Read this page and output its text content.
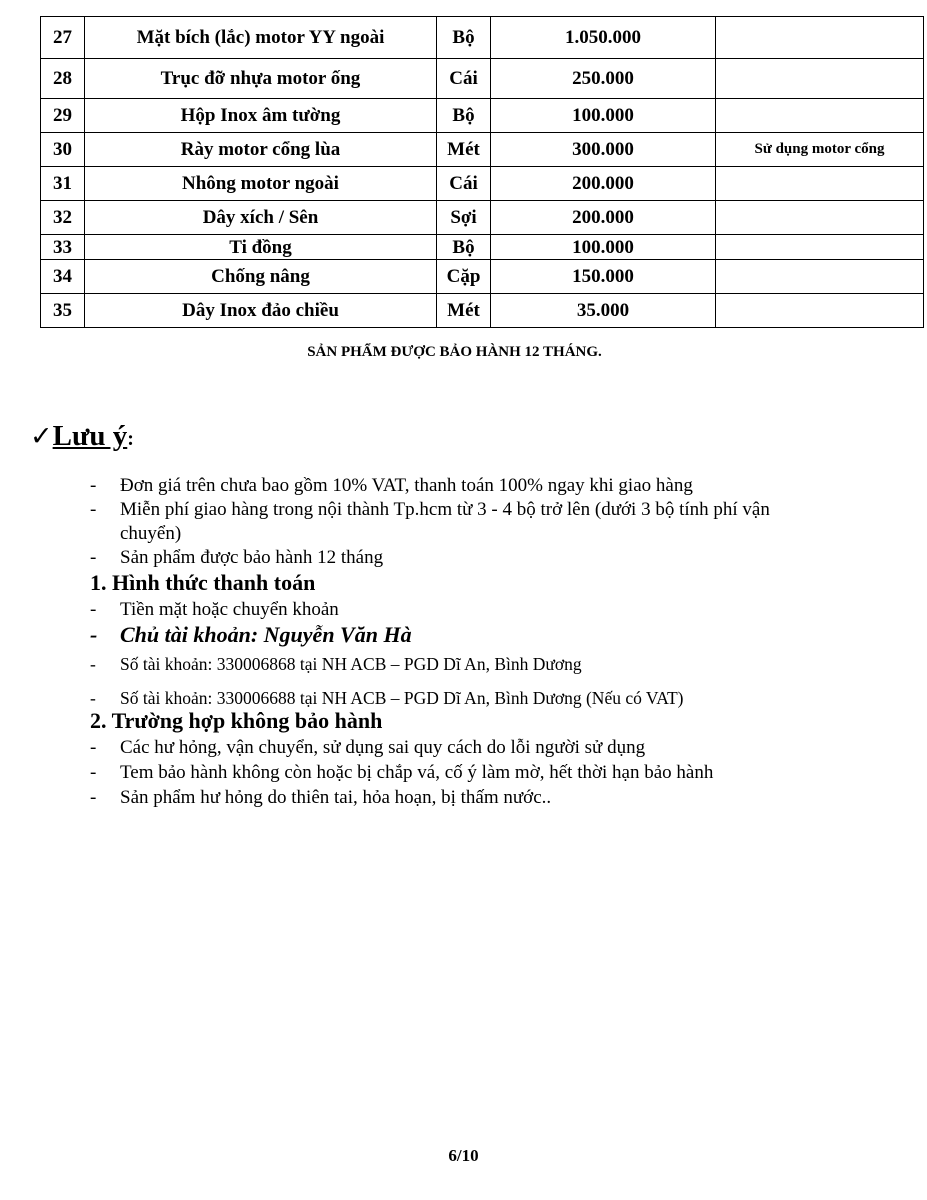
27	Mặt bích (lắc) motor YY ngoài	Bộ	1.050.000	
28	Trục đỡ nhựa motor ống	Cái	250.000	
29	Hộp Inox âm tường	Bộ	100.000	
30	Rày motor cổng lùa	Mét	300.000	Sử dụng motor cổng
31	Nhông motor ngoài	Cái	200.000	
32	Dây xích / Sên	Sợi	200.000	
33	Ti đồng	Bộ	100.000	
34	Chống nâng	Cặp	150.000	
35	Dây Inox đảo chiều	Mét	35.000	
SẢN PHẨM ĐƯỢC BẢO HÀNH 12 THÁNG.
✓Lưu ý:
- Đơn giá trên chưa bao gồm 10% VAT, thanh toán 100% ngay khi giao hàng
- Miễn phí giao hàng trong nội thành Tp.hcm từ 3 - 4 bộ trở lên (dưới 3 bộ tính phí vận
chuyển)
- Sản phẩm được bảo hành 12 tháng
1. Hình thức thanh toán
- Tiền mặt hoặc chuyển khoản
- Chủ tài khoản: Nguyễn Văn Hà
- Số tài khoản: 330006868 tại NH ACB – PGD Dĩ An, Bình Dương
- Số tài khoản: 330006688 tại NH ACB – PGD Dĩ An, Bình Dương (Nếu có VAT)
2. Trường hợp không bảo hành
- Các hư hỏng, vận chuyển, sử dụng sai quy cách do lỗi người sử dụng
- Tem bảo hành không còn hoặc bị chắp vá, cố ý làm mờ, hết thời hạn bảo hành
- Sản phẩm hư hỏng do thiên tai, hỏa hoạn, bị thấm nước..
6/10
